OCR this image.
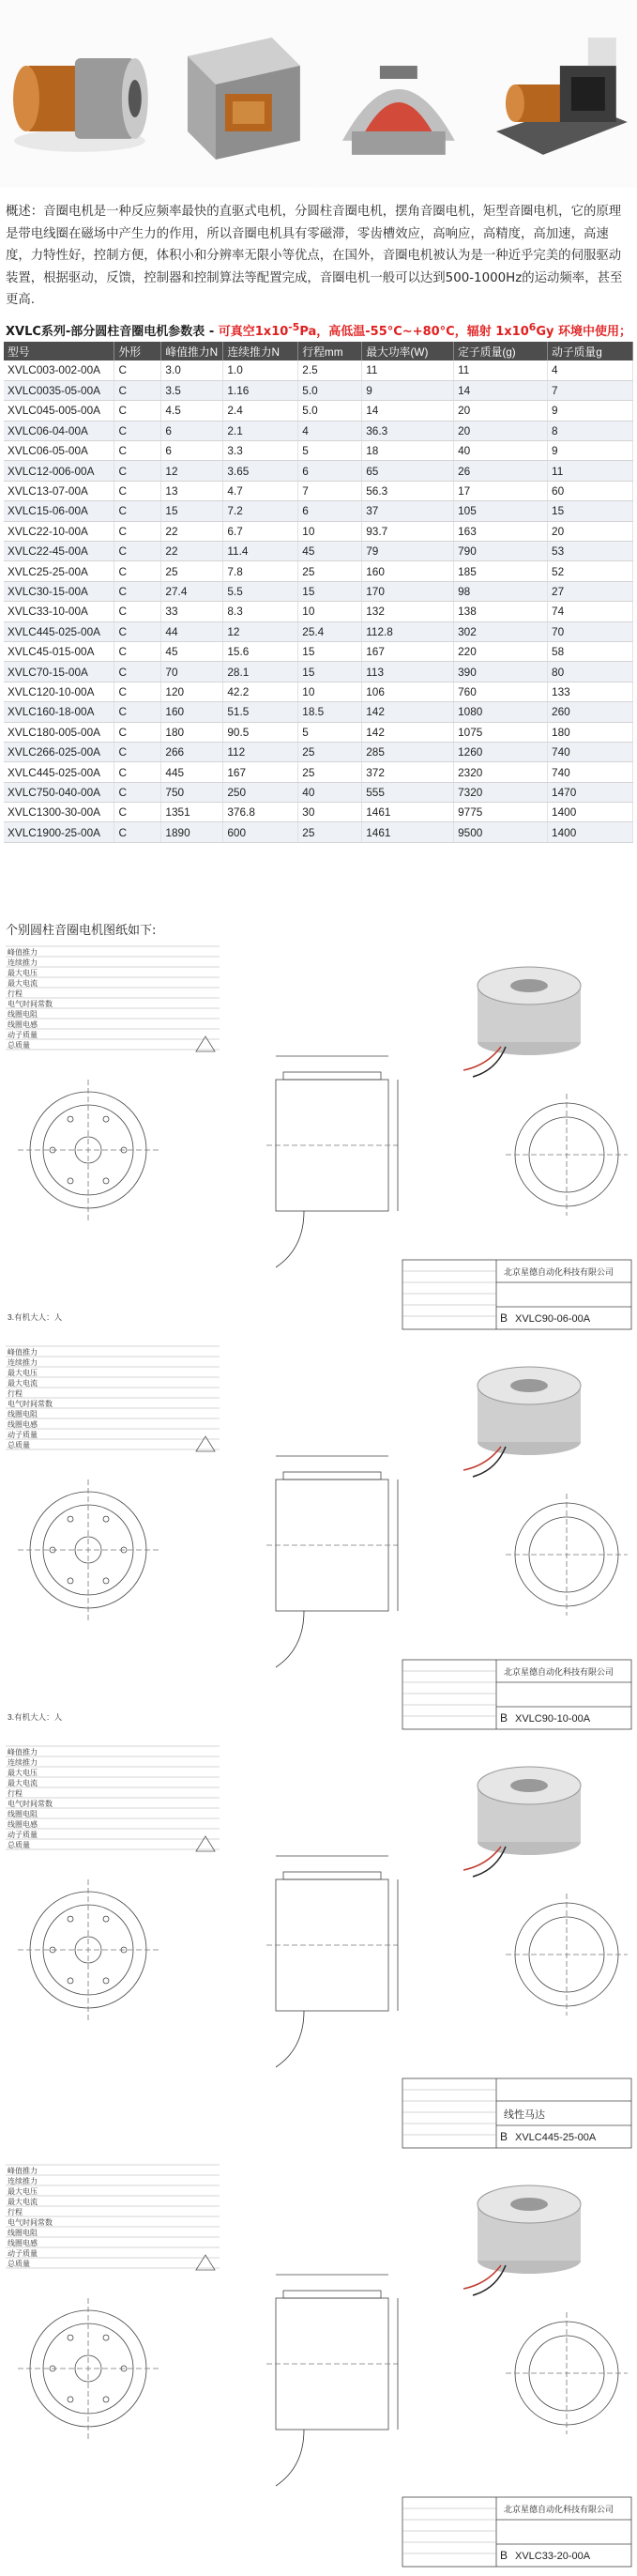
概述：音圈电机是一种反应频率最快的直驱式电机，分圆柱音圈电机，摆角音圈电机，矩型音圈电机，它的原理是带电线圈在磁场中产生力的作用，所以音圈电机具有零磁滞，零齿槽效应，高响应，高精度，高加速，高速度，力特性好，控制方便，体积小和分辨率无限小等优点，在国外，音圈电机被认为是一种近乎完美的伺服驱动装置，根据驱动，反馈，控制器和控制算法等配置完成，音圈电机一般可以达到500-1000Hz的运动频率，甚至更高.

XVLC系列-部分圆柱音圈电机参数表 - 可真空$1x10^{-5}Pa$，高低温-55°C~+80°C，辐射 $1x10^6Gy$ 环境中使用；
型号	外形	峰值推力N	连续推力N	行程mm	最大功率(W)	定子质量(g)	动子质量g
XVLC003-002-00A	C	3.0	1.0	2.5	11	11	4
XVLC0035-05-00A	C	3.5	1.16	5.0	9	14	7
XVLC045-005-00A	C	4.5	2.4	5.0	14	20	9
XVLC06-04-00A	C	6	2.1	4	36.3	20	8
XVLC06-05-00A	C	6	3.3	5	18	40	9
XVLC12-006-00A	C	12	3.65	6	65	26	11
XVLC13-07-00A	C	13	4.7	7	56.3	17	60
XVLC15-06-00A	C	15	7.2	6	37	105	15
XVLC22-10-00A	C	22	6.7	10	93.7	163	20
XVLC22-45-00A	C	22	11.4	45	79	790	53
XVLC25-25-00A	C	25	7.8	25	160	185	52
XVLC30-15-00A	C	27.4	5.5	15	170	98	27
XVLC33-10-00A	C	33	8.3	10	132	138	74
XVLC445-025-00A	C	44	12	25.4	112.8	302	70
XVLC45-015-00A	C	45	15.6	15	167	220	58
XVLC70-15-00A	C	70	28.1	15	113	390	80
XVLC120-10-00A	C	120	42.2	10	106	760	133
XVLC160-18-00A	C	160	51.5	18.5	142	1080	260
XVLC180-005-00A	C	180	90.5	5	142	1075	180
XVLC266-025-00A	C	266	112	25	285	1260	740
XVLC445-025-00A	C	445	167	25	372	2320	740
XVLC750-040-00A	C	750	250	40	555	7320	1470
XVLC1300-30-00A	C	1351	376.8	30	1461	9775	1400
XVLC1900-25-00A	C	1890	600	25	1461	9500	1400
个别圆柱音圈电机图纸如下:
峰值推力
连续推力
最大电压
最大电流
行程
电气时间常数
线圈电阻
线圈电感
动子质量
总质量
北京星德自动化科技有限公司
B XVLC90-06-00A
3.有机大人：人
峰值推力
连续推力
最大电压
最大电流
行程
电气时间常数
线圈电阻
线圈电感
动子质量
总质量
北京星德自动化科技有限公司
B XVLC90-10-00A
3.有机大人：人
峰值推力
连续推力
最大电压
最大电流
行程
电气时间常数
线圈电阻
线圈电感
动子质量
总质量
线性马达
B XVLC445-25-00A
峰值推力
连续推力
最大电压
最大电流
行程
电气时间常数
线圈电阻
线圈电感
动子质量
总质量
北京星德自动化科技有限公司
B XVLC33-20-00A
